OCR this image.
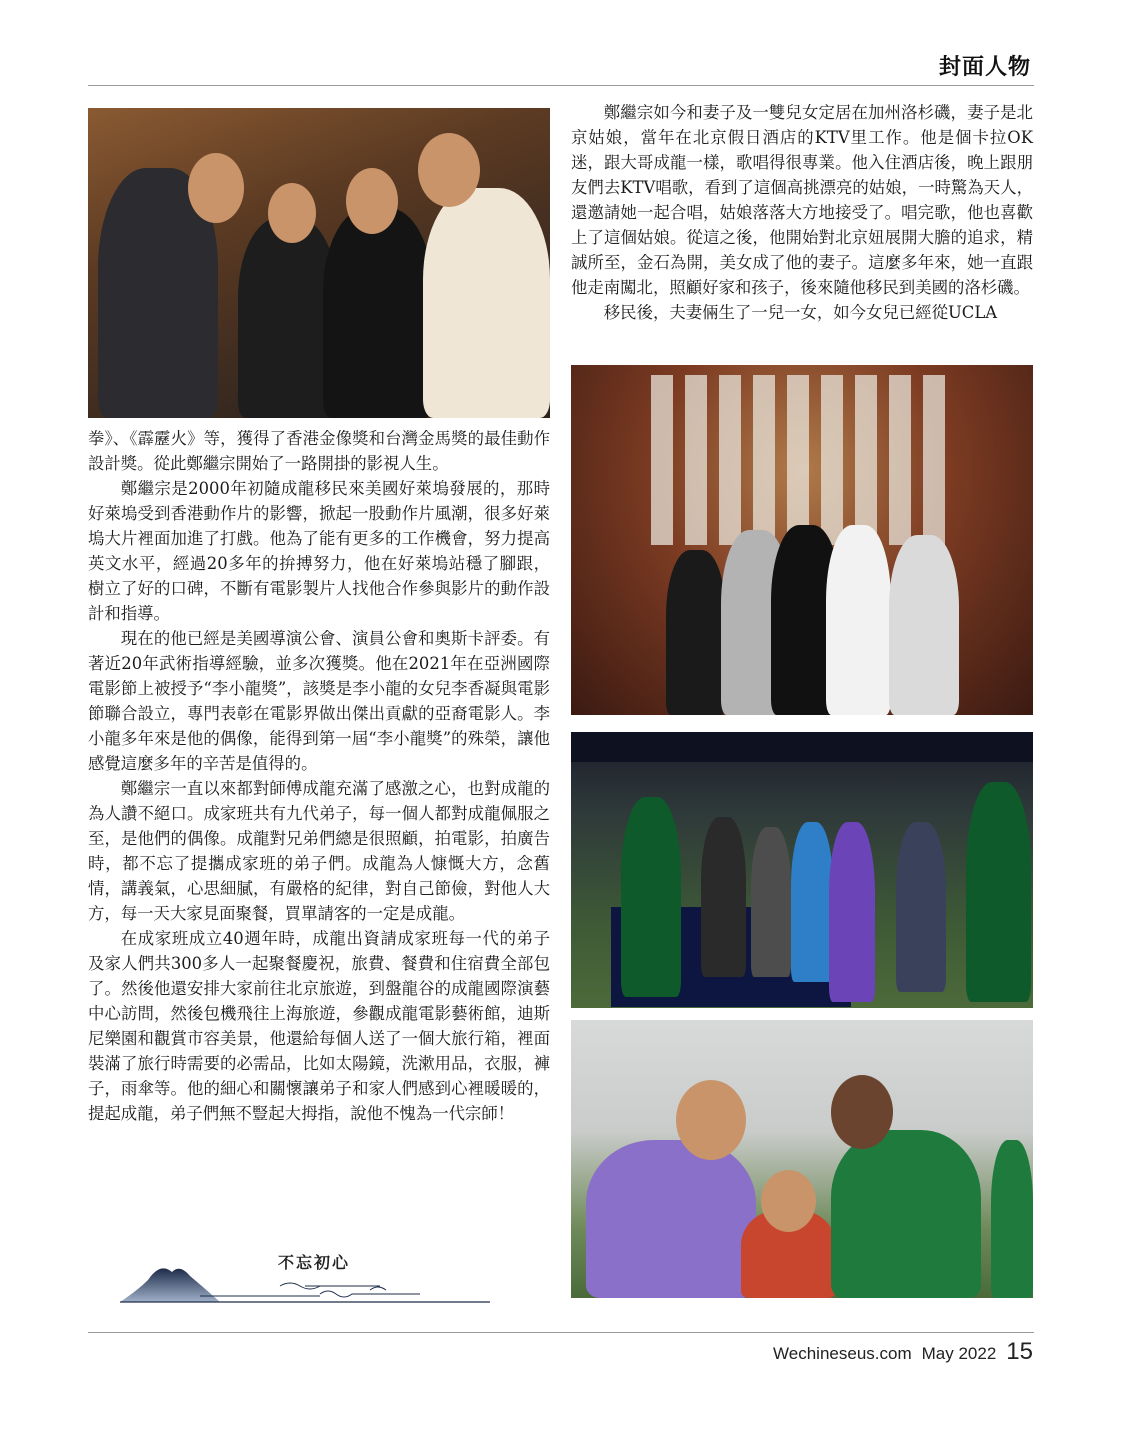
封面人物

拳》、《霹靂火》等，獲得了香港金像獎和台灣金馬獎的最佳動作設計獎。從此鄭繼宗開始了一路開掛的影視人生。

鄭繼宗是2000年初隨成龍移民來美國好萊塢發展的，那時好萊塢受到香港動作片的影響，掀起一股動作片風潮，很多好萊塢大片裡面加進了打戲。他為了能有更多的工作機會，努力提高英文水平，經過20多年的拚搏努力，他在好萊塢站穩了腳跟，樹立了好的口碑，不斷有電影製片人找他合作參與影片的動作設計和指導。

現在的他已經是美國導演公會、演員公會和奧斯卡評委。有著近20年武術指導經驗，並多次獲獎。他在2021年在亞洲國際電影節上被授予“李小龍獎”，該獎是李小龍的女兒李香凝與電影節聯合設立，專門表彰在電影界做出傑出貢獻的亞裔電影人。李小龍多年來是他的偶像，能得到第一屆“李小龍獎”的殊榮，讓他感覺這麼多年的辛苦是值得的。

鄭繼宗一直以來都對師傅成龍充滿了感激之心，也對成龍的為人讚不絕口。成家班共有九代弟子，每一個人都對成龍佩服之至，是他們的偶像。成龍對兄弟們總是很照顧，拍電影，拍廣告時，都不忘了提攜成家班的弟子們。成龍為人慷慨大方，念舊情，講義氣，心思細膩，有嚴格的紀律，對自己節儉，對他人大方，每一天大家見面聚餐，買單請客的一定是成龍。

在成家班成立40週年時，成龍出資請成家班每一代的弟子及家人們共300多人一起聚餐慶祝，旅費、餐費和住宿費全部包了。然後他還安排大家前往北京旅遊，到盤龍谷的成龍國際演藝中心訪問，然後包機飛往上海旅遊，參觀成龍電影藝術館，迪斯尼樂園和觀賞市容美景，他還給每個人送了一個大旅行箱，裡面裝滿了旅行時需要的必需品，比如太陽鏡，洗漱用品，衣服，褲子，雨傘等。他的細心和關懷讓弟子和家人們感到心裡暖暖的，提起成龍，弟子們無不豎起大拇指，說他不愧為一代宗師！

鄭繼宗如今和妻子及一雙兒女定居在加州洛杉磯，妻子是北京姑娘，當年在北京假日酒店的KTV里工作。他是個卡拉OK迷，跟大哥成龍一樣，歌唱得很專業。他入住酒店後，晚上跟朋友們去KTV唱歌，看到了這個高挑漂亮的姑娘，一時驚為天人，還邀請她一起合唱，姑娘落落大方地接受了。唱完歌，他也喜歡上了這個姑娘。從這之後，他開始對北京妞展開大膽的追求，精誠所至，金石為開，美女成了他的妻子。這麼多年來，她一直跟他走南闖北，照顧好家和孩子，後來隨他移民到美國的洛杉磯。

移民後，夫妻倆生了一兒一女，如今女兒已經從UCLA

不忘初心
Wechineseus.com May 2022 15
